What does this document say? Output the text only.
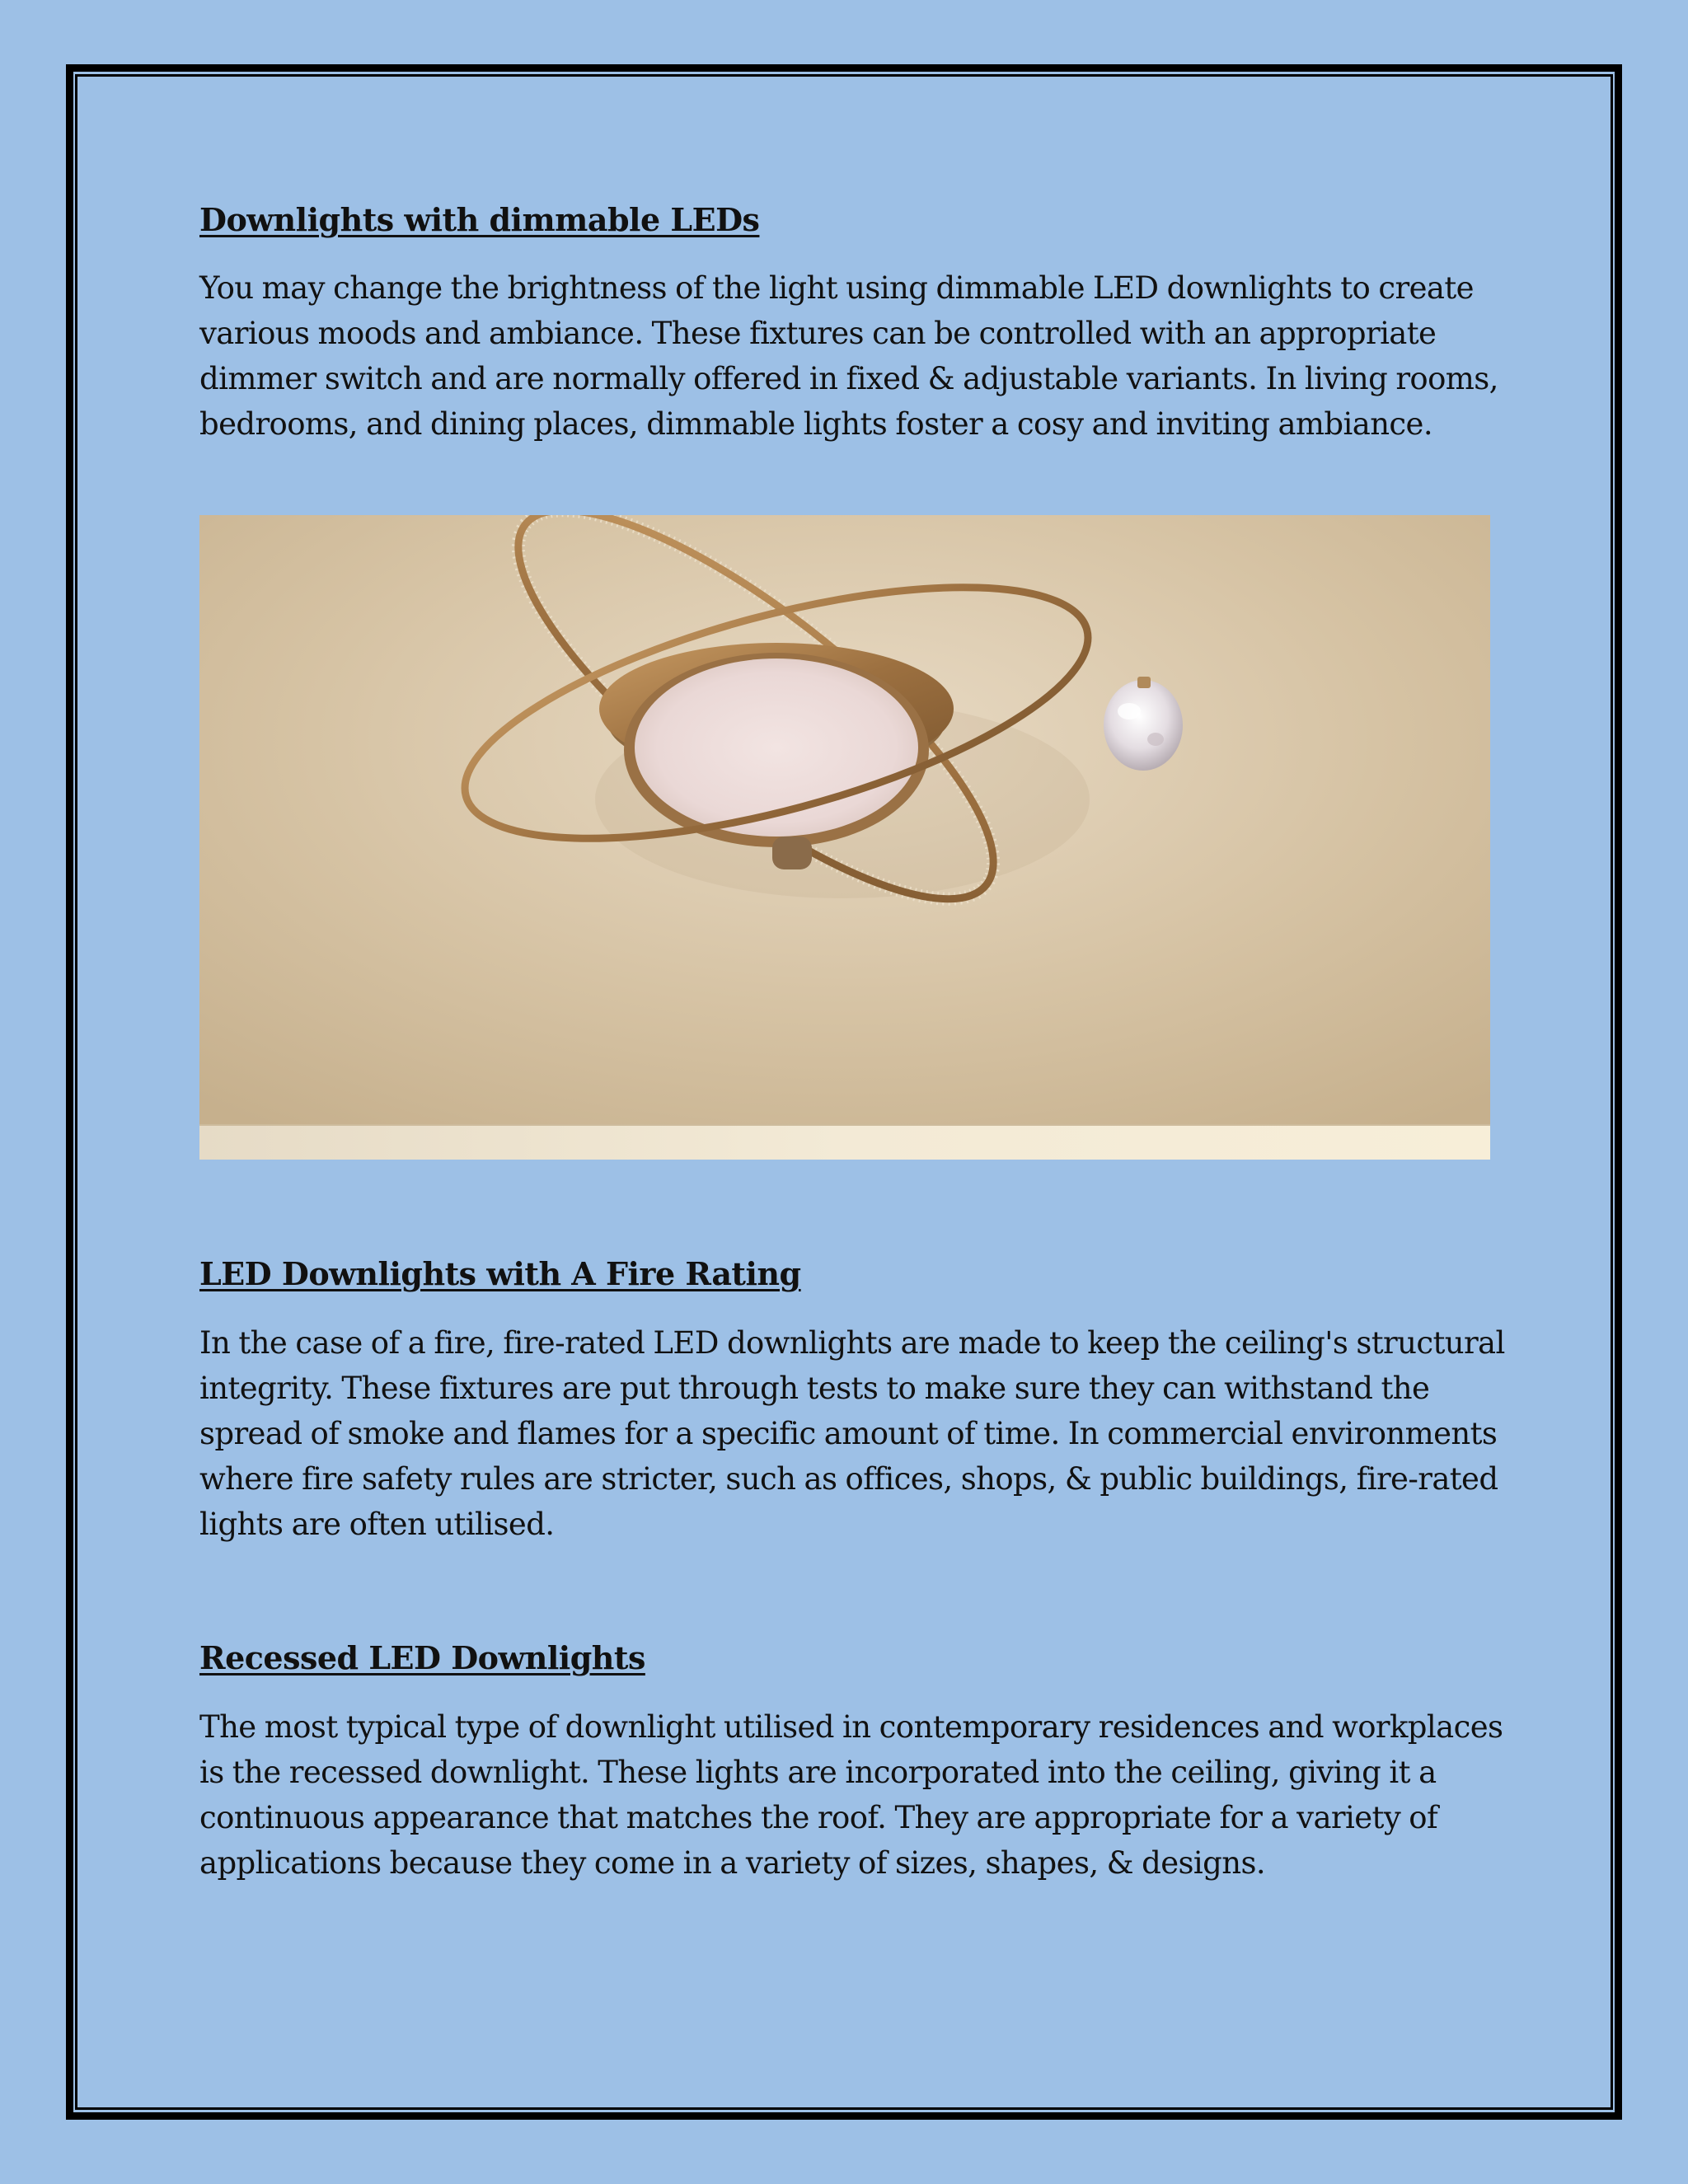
Downlights with dimmable LEDs

You may change the brightness of the light using dimmable LED downlights to create various moods and ambiance. These fixtures can be controlled with an appropriate dimmer switch and are normally offered in fixed & adjustable variants. In living rooms, bedrooms, and dining places, dimmable lights foster a cosy and inviting ambiance.

LED Downlights with A Fire Rating

In the case of a fire, fire-rated LED downlights are made to keep the ceiling's structural integrity. These fixtures are put through tests to make sure they can withstand the spread of smoke and flames for a specific amount of time. In commercial environments where fire safety rules are stricter, such as offices, shops, & public buildings, fire-rated lights are often utilised.

Recessed LED Downlights

The most typical type of downlight utilised in contemporary residences and workplaces is the recessed downlight. These lights are incorporated into the ceiling, giving it a continuous appearance that matches the roof. They are appropriate for a variety of applications because they come in a variety of sizes, shapes, & designs.
